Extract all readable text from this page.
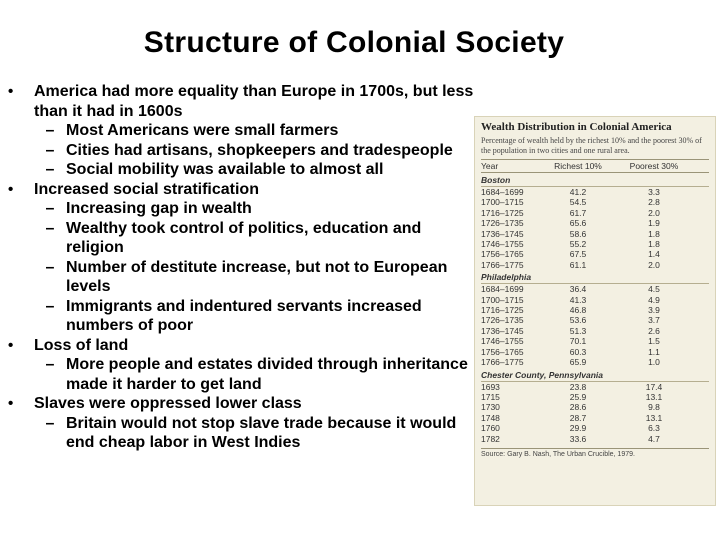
Structure of Colonial Society
•	America had more equality than Europe in 1700s, but less than it had in 1600s
– Most Americans were small farmers
– Cities had artisans, shopkeepers and tradespeople
– Social mobility was available to almost all
•	Increased social stratification
– Increasing gap in wealth
– Wealthy took control of politics, education and religion
– Number of destitute increase, but not to European levels
– Immigrants and indentured servants increased numbers of poor
•	Loss of land
– More people and estates divided through inheritance made it harder to get land
•	Slaves were oppressed lower class
– Britain would not stop slave trade because it would end cheap labor in West Indies
Wealth Distribution in Colonial America
Percentage of wealth held by the richest 10% and the poorest 30% of the population in two cities and one rural area.
Year	Richest 10%	Poorest 30%
Boston
1684–1699	41.2	3.3
1700–1715	54.5	2.8
1716–1725	61.7	2.0
1726–1735	65.6	1.9
1736–1745	58.6	1.8
1746–1755	55.2	1.8
1756–1765	67.5	1.4
1766–1775	61.1	2.0
Philadelphia
1684–1699	36.4	4.5
1700–1715	41.3	4.9
1716–1725	46.8	3.9
1726–1735	53.6	3.7
1736–1745	51.3	2.6
1746–1755	70.1	1.5
1756–1765	60.3	1.1
1766–1775	65.9	1.0
Chester County, Pennsylvania
1693	23.8	17.4
1715	25.9	13.1
1730	28.6	9.8
1748	28.7	13.1
1760	29.9	6.3
1782	33.6	4.7
Source: Gary B. Nash, The Urban Crucible, 1979.
